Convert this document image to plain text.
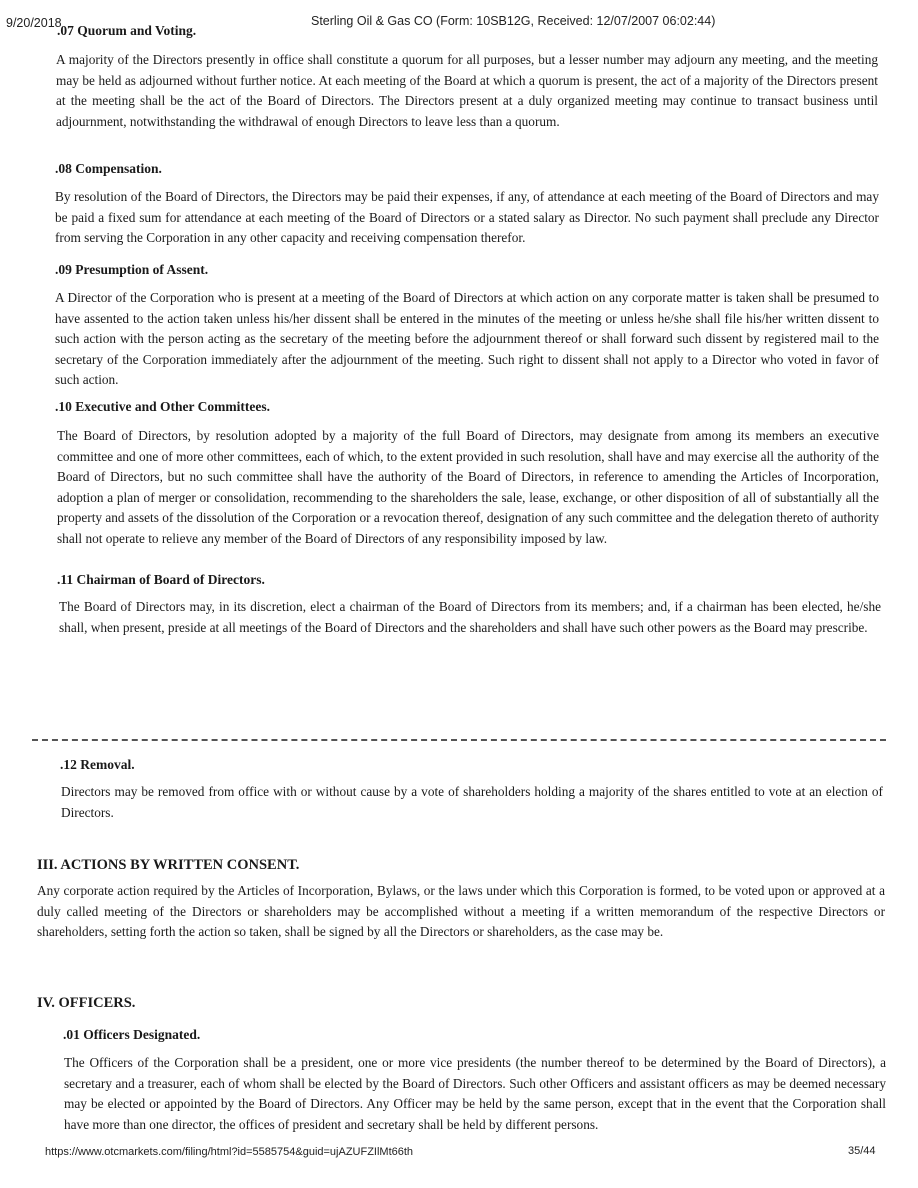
9/20/2018	Sterling Oil & Gas CO (Form: 10SB12G, Received: 12/07/2007 06:02:44)
.07 Quorum and Voting.

A majority of the Directors presently in office shall constitute a quorum for all purposes, but a lesser number may adjourn any meeting, and the meeting may be held as adjourned without further notice. At each meeting of the Board at which a quorum is present, the act of a majority of the Directors present at the meeting shall be the act of the Board of Directors. The Directors present at a duly organized meeting may continue to transact business until adjournment, notwithstanding the withdrawal of enough Directors to leave less than a quorum.

.08 Compensation.

By resolution of the Board of Directors, the Directors may be paid their expenses, if any, of attendance at each meeting of the Board of Directors and may be paid a fixed sum for attendance at each meeting of the Board of Directors or a stated salary as Director. No such payment shall preclude any Director from serving the Corporation in any other capacity and receiving compensation therefor.

.09 Presumption of Assent.

A Director of the Corporation who is present at a meeting of the Board of Directors at which action on any corporate matter is taken shall be presumed to have assented to the action taken unless his/her dissent shall be entered in the minutes of the meeting or unless he/she shall file his/her written dissent to such action with the person acting as the secretary of the meeting before the adjournment thereof or shall forward such dissent by registered mail to the secretary of the Corporation immediately after the adjournment of the meeting. Such right to dissent shall not apply to a Director who voted in favor of such action.

.10 Executive and Other Committees.

The Board of Directors, by resolution adopted by a majority of the full Board of Directors, may designate from among its members an executive committee and one of more other committees, each of which, to the extent provided in such resolution, shall have and may exercise all the authority of the Board of Directors, but no such committee shall have the authority of the Board of Directors, in reference to amending the Articles of Incorporation, adoption a plan of merger or consolidation, recommending to the shareholders the sale, lease, exchange, or other disposition of all of substantially all the property and assets of the dissolution of the Corporation or a revocation thereof, designation of any such committee and the delegation thereto of authority shall not operate to relieve any member of the Board of Directors of any responsibility imposed by law.

.11 Chairman of Board of Directors.

The Board of Directors may, in its discretion, elect a chairman of the Board of Directors from its members; and, if a chairman has been elected, he/she shall, when present, preside at all meetings of the Board of Directors and the shareholders and shall have such other powers as the Board may prescribe.

.12 Removal.

Directors may be removed from office with or without cause by a vote of shareholders holding a majority of the shares entitled to vote at an election of Directors.

III. ACTIONS BY WRITTEN CONSENT.

Any corporate action required by the Articles of Incorporation, Bylaws, or the laws under which this Corporation is formed, to be voted upon or approved at a duly called meeting of the Directors or shareholders may be accomplished without a meeting if a written memorandum of the respective Directors or shareholders, setting forth the action so taken, shall be signed by all the Directors or shareholders, as the case may be.

IV. OFFICERS.
.01 Officers Designated.

The Officers of the Corporation shall be a president, one or more vice presidents (the number thereof to be determined by the Board of Directors), a secretary and a treasurer, each of whom shall be elected by the Board of Directors. Such other Officers and assistant officers as may be deemed necessary may be elected or appointed by the Board of Directors. Any Officer may be held by the same person, except that in the event that the Corporation shall have more than one director, the offices of president and secretary shall be held by different persons.

https://www.otcmarkets.com/filing/html?id=5585754&guid=ujAZUFZIlMt66th	35/44
